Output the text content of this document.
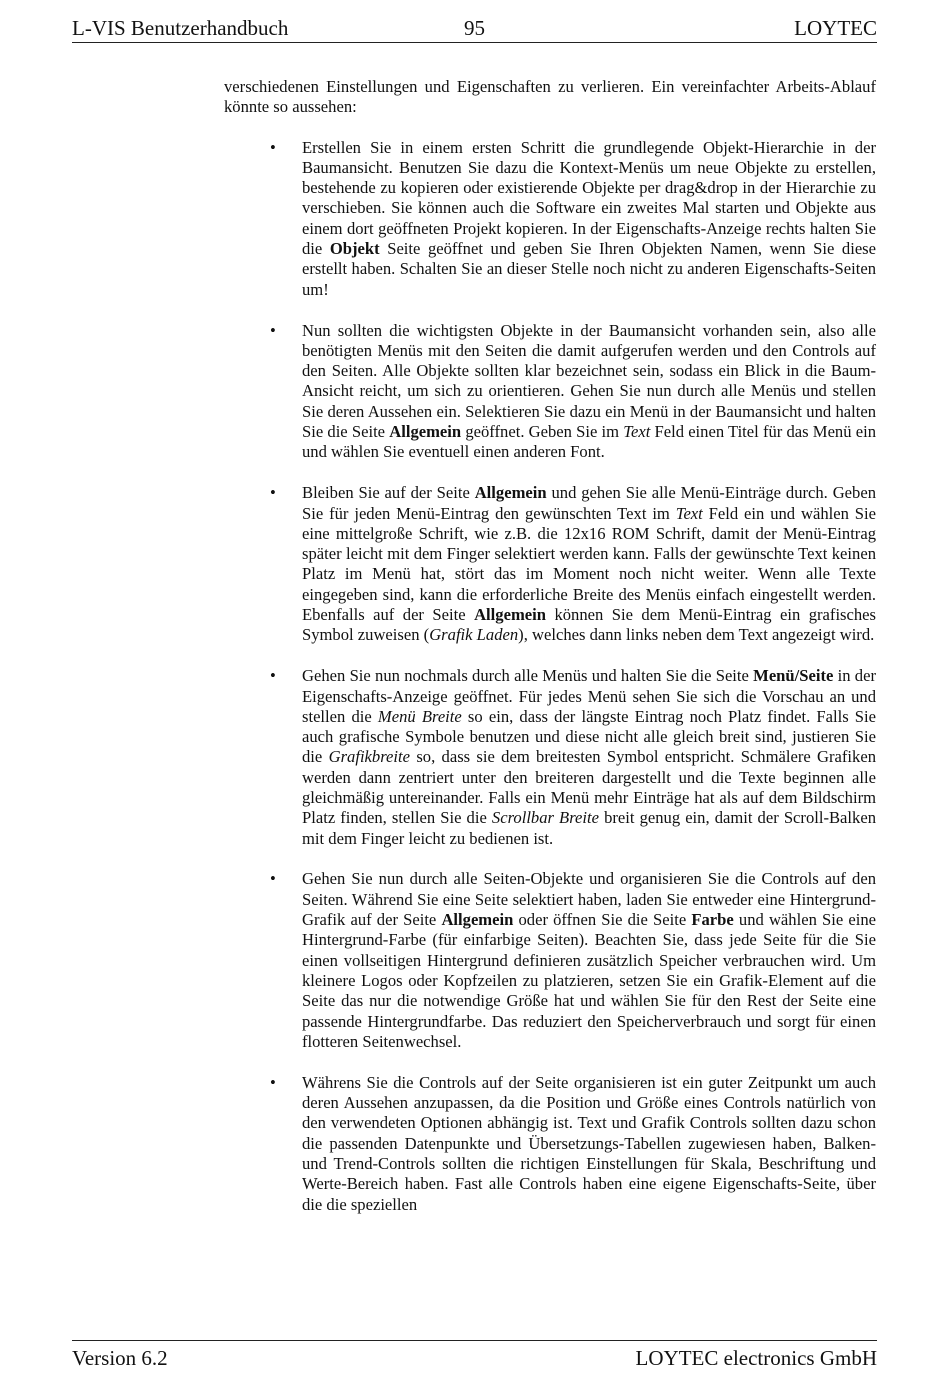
L-VIS Benutzerhandbuch	95	LOYTEC

verschiedenen Einstellungen und Eigenschaften zu verlieren. Ein vereinfachter Arbeits-Ablauf könnte so aussehen:

• Erstellen Sie in einem ersten Schritt die grundlegende Objekt-Hierarchie in der Baumansicht. Benutzen Sie dazu die Kontext-Menüs um neue Objekte zu erstellen, bestehende zu kopieren oder existierende Objekte per drag&drop in der Hierarchie zu verschieben. Sie können auch die Software ein zweites Mal starten und Objekte aus einem dort geöffneten Projekt kopieren. In der Eigenschafts-Anzeige rechts halten Sie die Objekt Seite geöffnet und geben Sie Ihren Objekten Namen, wenn Sie diese erstellt haben. Schalten Sie an dieser Stelle noch nicht zu anderen Eigenschafts-Seiten um!
• Nun sollten die wichtigsten Objekte in der Baumansicht vorhanden sein, also alle benötigten Menüs mit den Seiten die damit aufgerufen werden und den Controls auf den Seiten. Alle Objekte sollten klar bezeichnet sein, sodass ein Blick in die Baum-Ansicht reicht, um sich zu orientieren. Gehen Sie nun durch alle Menüs und stellen Sie deren Aussehen ein. Selektieren Sie dazu ein Menü in der Baumansicht und halten Sie die Seite Allgemein geöffnet. Geben Sie im Text Feld einen Titel für das Menü ein und wählen Sie eventuell einen anderen Font.
• Bleiben Sie auf der Seite Allgemein und gehen Sie alle Menü-Einträge durch. Geben Sie für jeden Menü-Eintrag den gewünschten Text im Text Feld ein und wählen Sie eine mittelgroße Schrift, wie z.B. die 12x16 ROM Schrift, damit der Menü-Eintrag später leicht mit dem Finger selektiert werden kann. Falls der gewünschte Text keinen Platz im Menü hat, stört das im Moment noch nicht weiter. Wenn alle Texte eingegeben sind, kann die erforderliche Breite des Menüs einfach eingestellt werden. Ebenfalls auf der Seite Allgemein können Sie dem Menü-Eintrag ein grafisches Symbol zuweisen (Grafik Laden), welches dann links neben dem Text angezeigt wird.
• Gehen Sie nun nochmals durch alle Menüs und halten Sie die Seite Menü/Seite in der Eigenschafts-Anzeige geöffnet. Für jedes Menü sehen Sie sich die Vorschau an und stellen die Menü Breite so ein, dass der längste Eintrag noch Platz findet. Falls Sie auch grafische Symbole benutzen und diese nicht alle gleich breit sind, justieren Sie die Grafikbreite so, dass sie dem breitesten Symbol entspricht. Schmälere Grafiken werden dann zentriert unter den breiteren dargestellt und die Texte beginnen alle gleichmäßig untereinander. Falls ein Menü mehr Einträge hat als auf dem Bildschirm Platz finden, stellen Sie die Scrollbar Breite breit genug ein, damit der Scroll-Balken mit dem Finger leicht zu bedienen ist.
• Gehen Sie nun durch alle Seiten-Objekte und organisieren Sie die Controls auf den Seiten. Während Sie eine Seite selektiert haben, laden Sie entweder eine Hintergrund-Grafik auf der Seite Allgemein oder öffnen Sie die Seite Farbe und wählen Sie eine Hintergrund-Farbe (für einfarbige Seiten). Beachten Sie, dass jede Seite für die Sie einen vollseitigen Hintergrund definieren zusätzlich Speicher verbrauchen wird. Um kleinere Logos oder Kopfzeilen zu platzieren, setzen Sie ein Grafik-Element auf die Seite das nur die notwendige Größe hat und wählen Sie für den Rest der Seite eine passende Hintergrundfarbe. Das reduziert den Speicherverbrauch und sorgt für einen flotteren Seitenwechsel.
• Währens Sie die Controls auf der Seite organisieren ist ein guter Zeitpunkt um auch deren Aussehen anzupassen, da die Position und Größe eines Controls natürlich von den verwendeten Optionen abhängig ist. Text und Grafik Controls sollten dazu schon die passenden Datenpunkte und Übersetzungs-Tabellen zugewiesen haben, Balken- und Trend-Controls sollten die richtigen Einstellungen für Skala, Beschriftung und Werte-Bereich haben. Fast alle Controls haben eine eigene Eigenschafts-Seite, über die die speziellen
Version 6.2	LOYTEC electronics GmbH
